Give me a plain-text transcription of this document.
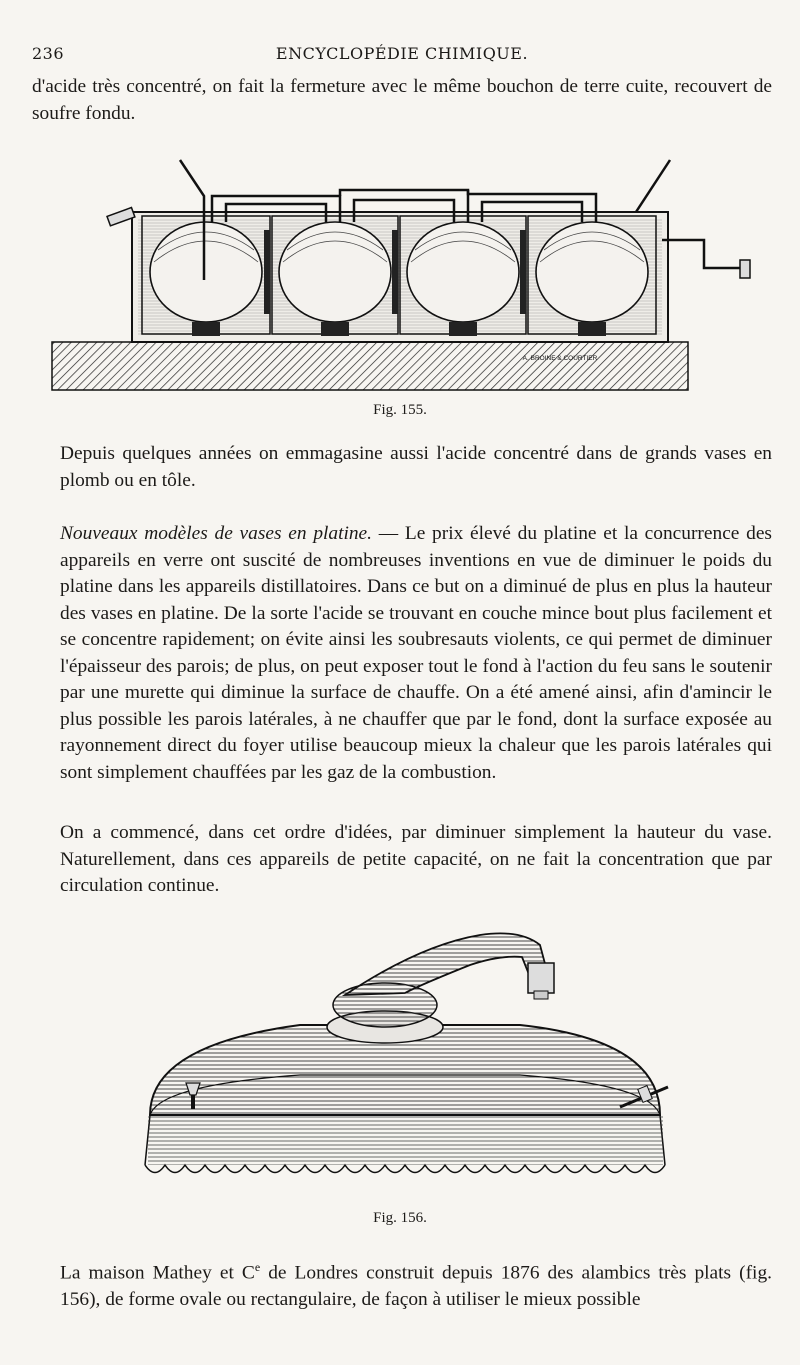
236	ENCYCLOPÉDIE CHIMIQUE.
d'acide très concentré, on fait la fermeture avec le même bouchon de terre cuite, recouvert de soufre fondu.
A. BROINE & COURTIER
Fig. 155.
Depuis quelques années on emmagasine aussi l'acide concentré dans de grands vases en plomb ou en tôle.
Nouveaux modèles de vases en platine. — Le prix élevé du platine et la concurrence des appareils en verre ont suscité de nombreuses inventions en vue de diminuer le poids du platine dans les appareils distillatoires. Dans ce but on a diminué de plus en plus la hauteur des vases en platine. De la sorte l'acide se trouvant en couche mince bout plus facilement et se concentre rapidement; on évite ainsi les soubresauts violents, ce qui permet de diminuer l'épaisseur des parois; de plus, on peut exposer tout le fond à l'action du feu sans le soutenir par une murette qui diminue la surface de chauffe. On a été amené ainsi, afin d'amincir le plus possible les parois latérales, à ne chauffer que par le fond, dont la surface exposée au rayonnement direct du foyer utilise beaucoup mieux la chaleur que les parois latérales qui sont simplement chauffées par les gaz de la combustion.
On a commencé, dans cet ordre d'idées, par diminuer simplement la hauteur du vase. Naturellement, dans ces appareils de petite capacité, on ne fait la concentration que par circulation continue.
Fig. 156.
La maison Mathey et Ce de Londres construit depuis 1876 des alambics très plats (fig. 156), de forme ovale ou rectangulaire, de façon à utiliser le mieux possible
